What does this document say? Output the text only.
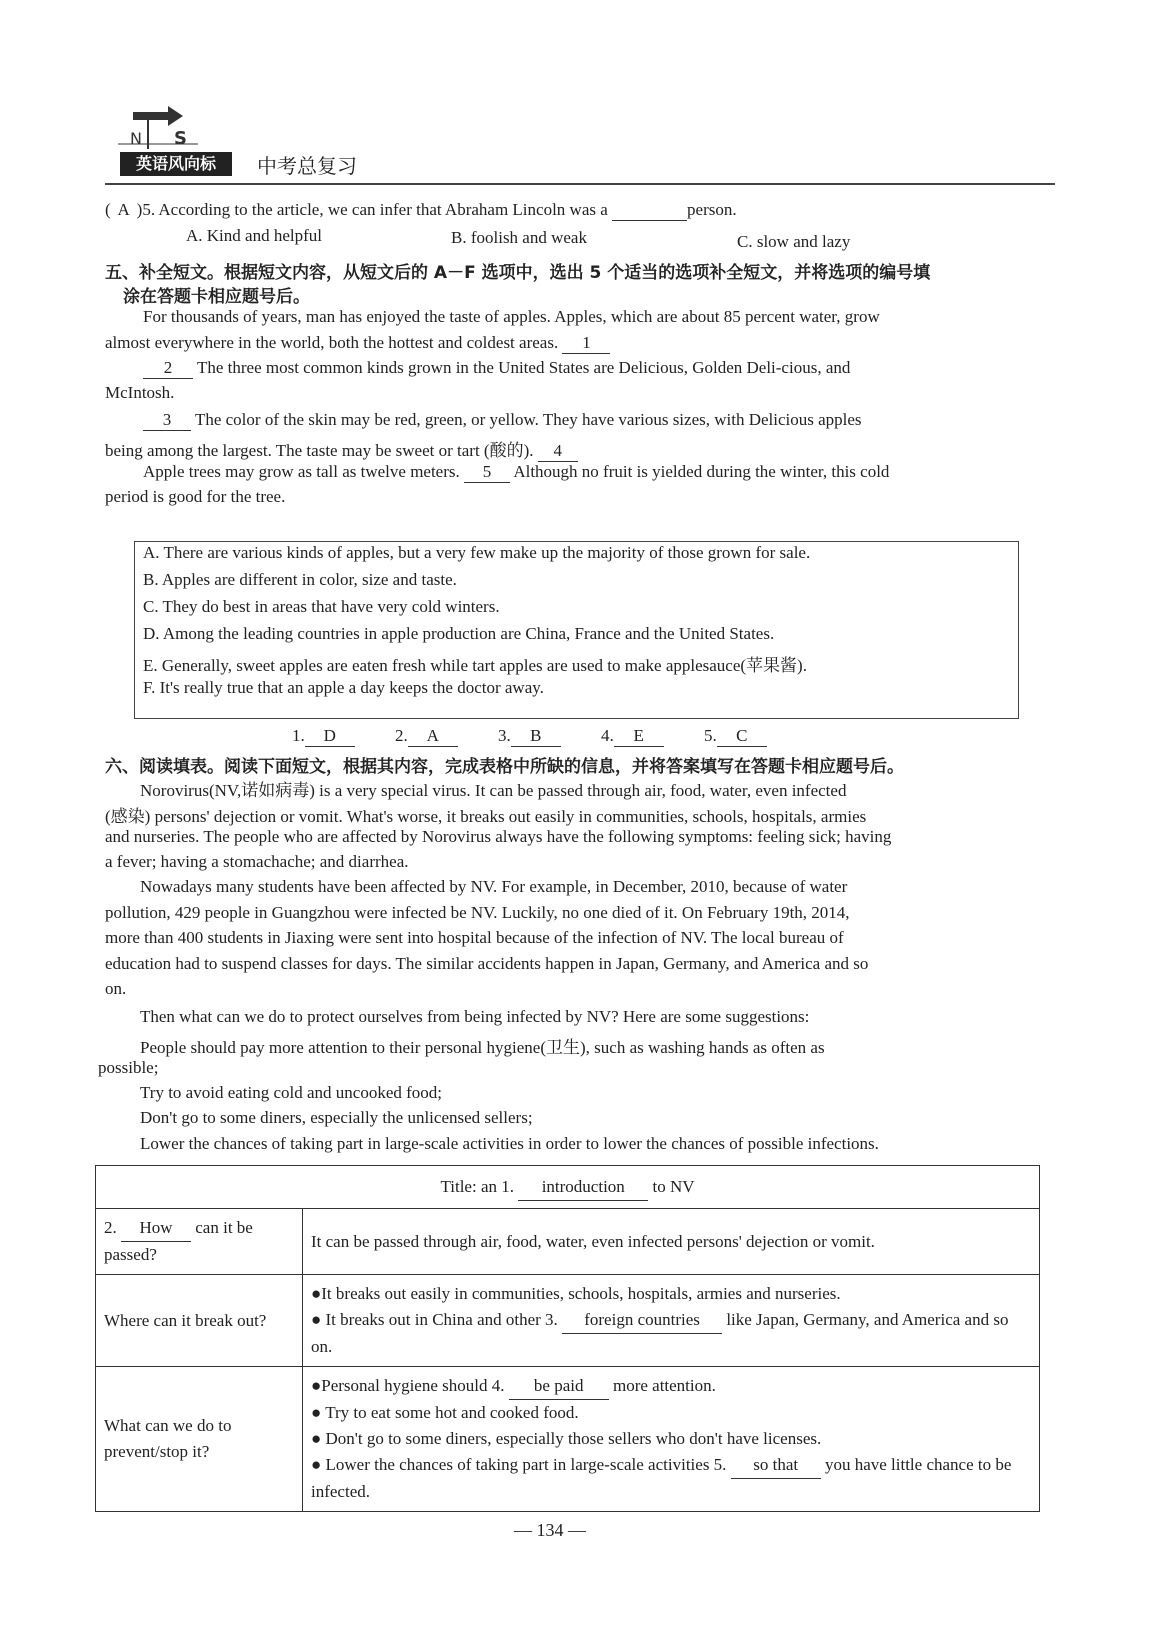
N S
英语风向标	中考总复习
( A )5. According to the article, we can infer that Abraham Lincoln was a	person.
A. Kind and helpful	B. foolish and weak	C. slow and lazy
五、补全短文。根据短文内容，从短文后的 A－F 选项中，选出 5 个适当的选项补全短文，并将选项的编号填
涂在答题卡相应题号后。
For thousands of years, man has enjoyed the taste of apples. Apples, which are about 85 percent water, grow
almost everywhere in the world, both the hottest and coldest areas. 1
2 The three most common kinds grown in the United States are Delicious, Golden Deli-cious, and
McIntosh.
3 The color of the skin may be red, green, or yellow. They have various sizes, with Delicious apples
being among the largest. The taste may be sweet or tart (酸的). 4
Apple trees may grow as tall as twelve meters. 5 Although no fruit is yielded during the winter, this cold
period is good for the tree.
A. There are various kinds of apples, but a very few make up the majority of those grown for sale.
B. Apples are different in color, size and taste.
C. They do best in areas that have very cold winters.
D. Among the leading countries in apple production are China, France and the United States.
E. Generally, sweet apples are eaten fresh while tart apples are used to make applesauce(苹果酱).
F. It's really true that an apple a day keeps the doctor away.
1. D	2. A	3. B	4. E	5. C
六、阅读填表。阅读下面短文，根据其内容，完成表格中所缺的信息，并将答案填写在答题卡相应题号后。
Norovirus(NV,诺如病毒) is a very special virus. It can be passed through air, food, water, even infected
(感染) persons' dejection or vomit. What's worse, it breaks out easily in communities, schools, hospitals, armies
and nurseries. The people who are affected by Norovirus always have the following symptoms: feeling sick; having
a fever; having a stomachache; and diarrhea.
Nowadays many students have been affected by NV. For example, in December, 2010, because of water
pollution, 429 people in Guangzhou were infected be NV. Luckily, no one died of it. On February 19th, 2014,
more than 400 students in Jiaxing were sent into hospital because of the infection of NV. The local bureau of
education had to suspend classes for days. The similar accidents happen in Japan, Germany, and America and so
on.
Then what can we do to protect ourselves from being infected by NV? Here are some suggestions:
People should pay more attention to their personal hygiene(卫生), such as washing hands as often as
possible;
Try to avoid eating cold and uncooked food;
Don't go to some diners, especially the unlicensed sellers;
Lower the chances of taking part in large-scale activities in order to lower the chances of possible infections.
Title: an 1. introduction to NV	
2. How can it be passed?	It can be passed through air, food, water, even infected persons' dejection or vomit.
Where can it break out?	●It breaks out easily in communities, schools, hospitals, armies and nurseries.
● It breaks out in China and other 3. foreign countries like Japan, Germany, and America and so on.

What can we do to prevent/stop it?	●Personal hygiene should 4. be paid more attention.
● Try to eat some hot and cooked food.
● Don't go to some diners, especially those sellers who don't have licenses.
● Lower the chances of taking part in large-scale activities 5. so that you have little chance to be infected.
— 134 —
